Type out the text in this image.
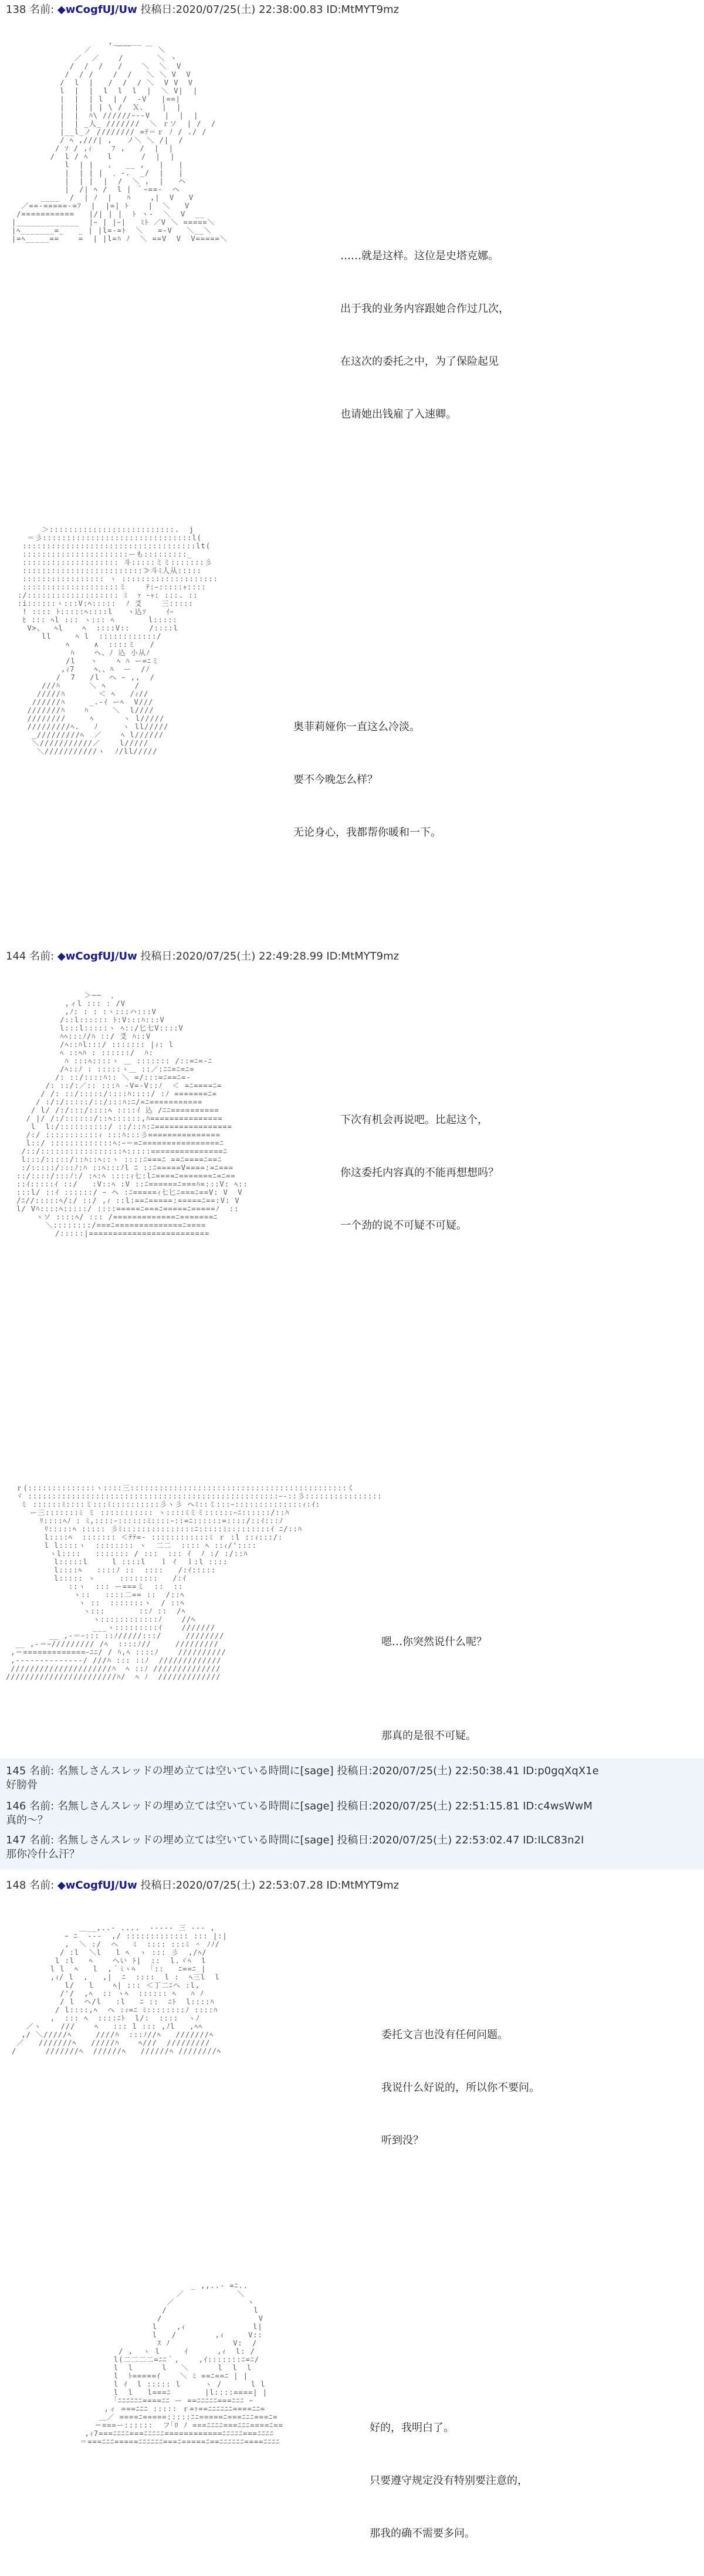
138 名前: ◆wCogfUJ/Uw 投稿日:2020/07/25(土) 22:38:00.83 ID:MtMYT9mz
,______
／     ￣￣   ￣ ＼
／  ／    /       ＼ ヽ
/  /  /   /    ＼  ＼  V
/  / /    /  /   ＼ ＼ V  V
/  l  |   /  /  / ＼  V V  V
l  |  |  l  l  l  |  ＼ V|  |
|  |  | l  | /  -V   |==|
|  |  | | \ /  Ｘ、   |  |
|  |  ﾊ\ //////ｰ--V   |  |  |
|  | _人_ ///////  ＼ ｒソ  | /  /
|__l_ノ //////// =ﾃ＝ｒ ﾉ / ./ /
/ ﾍ ,///| ,   ノ＼ ＼ /|  /
/ ｿ / ,ｨ    ﾌ ,   /  |  |
/  l / ﾍ    l      /  |  |
l  | |   、  __ ,   |   |
|  | | |  ．-.  _/  |   |
|  | |  |  /  ＼ ,  |   ヘ
|  /| ﾍ /  l | ｀ｰ==-  ヘ
____  /  | ﾉ  |   ﾊ    ,|  V   V
／==-=====-=ﾌ  |  |=| ﾄ    |  ＼   V
/===========   |/| | |  ﾄ ヽ-  ＼  V  __
|_____________  |ｰ | |ｰ|   ﾐﾄ ／V ＼ =====＼
|ﾍ_______=_   _ | |l=-=ﾄ  ＼   =-V   ＼__＼
|=ﾍ_____==    =  | |l=ﾊ ﾉ  ＼ ==V  V  V=====＼

……就是这样。这位是史塔克娜。

出于我的业务内容跟她合作过几次，

在这次的委托之中，为了保险起见

也请她出钱雇了入速卿。

＞::::::::::::::::::::::::::.  j
＝彡:::::::::::::::::::::::::::::::l(
::::::::::::::::::::::::::::::::::::lt(
::::::::::::::::::::::ーも:::::::::_
:::::::::::::::::::: 斗:::::ミミ:::::::彡
:::::::::::::::::::::::::≫斗ﾐ人从:::::
::::::::::::::::: ヽ ::::::::::::::::::::
::::::::::::::::::::ミ    ﾃ:ｰ:::::ｬ::::
:/::::::::::::::::::: ﾐ  ｧ ｰｬ: :::. ::
:i::::::ヽ:::V:ﾍ:::::  ﾉ 爻    三:::::
! :::: ﾄ:::::ﾍ::::l   ヽ込ｿ    ｲｰ
ﾋ ::: ﾍl ::: ヽ::: ﾍ       l:::::
V>、  ﾍl    ﾍ  ::::V::    /::::l
ll     ﾍ l  ::::::::::::/
ﾍ     ∧  ::::ミ   /
ﾊ    ヘ、ﾉ 込 小从ﾉ
/l   ヽ    ﾍ ﾊ ー=ﾆミ
,ｨ7    ﾍ、、ﾊ  ー  /ﾉ
/  7   /l  ヘ ｰ ,,  /
///ﾊ      ＼ ﾍ      /
/////ﾊ       ＜ ﾍ   /ｨ//
//////ﾊ     _.-ｲ ーﾍ  V///
///////ﾊ    ﾊ     ＼  l////
////////     ﾍ      ヽ l/////
/////////ﾍ.   ﾉ     ヽ ll/////
_/////////ﾍ  ／    ﾍ l//////
＼///////////／    l/////
＼///////////ヽ  ﾉ/ll/////

奥菲莉娅你一直这么冷淡。

要不今晚怎么样？

无论身心，我都帮你暖和一下。

144 名前: ◆wCogfUJ/Uw 投稿日:2020/07/25(土) 22:49:28.99 ID:MtMYT9mz
＞──  ，
,ィl ::: : /V
,ﾉ: : : :ヽ:::ハ:::V
/::l:::::: ﾄ:V:::ﾊ:::V
l:::l:::::ヽ ﾍ::/匕七V::::V
ﾊﾍ:::ﾉ/ﾊ ::/ 爻 ﾊ::V
/ﾍ::ﾊl:::/ ::::::: |ｨ: l
ﾍ ::ﾍﾊ : ::::::/  ﾊ:
ﾊ :::ﾍ::::ヽ ＿ ::::::: /::=ﾆ=-ﾆ
/ﾍ::ﾉ : :::::ヽ＿ ::／:ﾆﾆ=ﾆ=ﾆ=
/: ::/::::ﾊ:: ＼ =/:::=ﾆ==ﾆ=-
/: ::/:／:: :::ﾊ -V=-V::ﾉ  ＜ =ﾆ====ﾆ=
/ /: ::/:::::/::::ﾊ::::/ :ﾉ =======ﾆ=
/ :/:/:::::/::/:::ﾊ:ﾆ/=ﾆ===========
/ l/ /:/:::/::::ﾍ ::::ｲ 込 /ﾆﾆ==========
/ |/ /:/::::::/::ﾍ::::::,ﾊ===============
l  l:/::::::::::/ ::/::ﾊ:ﾆ================
/:/ :::::::::::ｨ :::ﾊ:::彡===============
l::/ :::::::::::::ﾍ:ｰ＝=ﾆ================ﾆ
/::/:::::::::::::::::ﾍ:::::===============ﾆ
l:::/:::::/::ﾊ::ﾍ::ヽ ::::ﾆ===ﾆ ==ﾆ====ﾆ==ﾆ
:/:::::/:::ﾉ:ﾊ ::ﾍ:::ﾉl ﾆ ::ﾆ=====V====:=ﾆ===
::/::::/:::ﾉ:/ :ﾍ:ﾍ ::::ｨ七:lﾆ====ﾆ=======ﾆ=ﾆ==
::ｲ:::::ｲ ::/   :V::ﾍ :V ::ﾆ======ﾆ===ﾊ=:::V: ﾍ::
:::l/ ::ｲ ::::::/ ｰ ヘ :ﾆ=====ｨ七匕ﾆ===ﾆ==V: V  V
/ﾆ//:::::ﾍ/:/ ::/ ,ｨ ::l:==ﾆ=====:=====ﾆ==:V: V
l/ Vﾊ::::ﾍ:::::/ ::::=====ﾆ===ﾆ=====ﾆ=====ﾉ  ::
ヽソ ::::ﾍ/ ::: /=============ﾆ=======ﾆ
＼::::::::/===ﾆ==============ﾆ====
/:::::|=========================

下次有机会再说吧。比起这个，

你这委托内容真的不能再想想吗？

一个劲的说不可疑不可疑。

ｒ(::::::::::::::ヽ::::三:::::::::::::::::::::::::::::::::::::::::::::く
ヾ ::::::::::::::::::::::::::::::::::::::::::::::::::::ｰ-::彡::::::::::::::::
ミ ::::::ﾐ::::ミ:::ﾐ::::::::::彡ヽ彡 ヘﾐ::ミ:::ｰ::::::::::::::ｨ:ｲ:
ー三:::::::ﾐ ミ ::::::::::: ヽ::::ﾐミミ::::::ｰﾆ::::::/::ﾊ
ﾘ::::ﾍﾉ : ﾐ,::::ｰ::::::ﾐ::::ｰ::=ﾆ::::::=::::/::ｲ:::ﾉ
ﾘ:::::ﾍ ::::: 彡ﾐ:::::::::::::::ﾆ:::::ﾐ:::::::::ｲ ﾆ/::ﾊ
l::::ﾍ  ::::::: ＜ﾃﾃ=- ::::::::::::ﾐ ｒ :l ::ｨ:::/:
l l::::ヽ  :::::::: ヽ  二二  :::: ﾍ ::ｨ/'::::
ヽl::::   ::::::: / :::  ::: ｲ  ﾉ :/ :/::ﾊ
l:::::l     l ::::l   ｌ ｲ  ｌ:l ::::
l::::ﾍ   ::::ﾉ ::  ::::   /:ｲ:::::
l::::: ヽ     ::::::::   /:ｲ
::ヽ  ::: ー===ミ  ::  ::
ヽ::   ::::二== ::  /::ﾍ
ヽ ::  :::::::ヽ  / ::ﾍ
ヽ:::       ::ﾉ ::  /ﾍ
ヽ::::::::::::ﾉ    //ﾍ
___ヽ:::::::::ｲ    ///////
__ ,-＝ｰ::: ::ﾉ/////:::/     ////////
__ ,-＝ｰ///////// /ﾍ  ::::ﾉ//     /////////
,＝=============ｰﾆﾆ/ / ﾊ,ﾍ ::::ﾉ    //////////
,--------------/ ///ﾊ ::: ::ﾉ  /////////////
/////////////////////ﾊ  ﾍ ::ﾉ //////////////
///////////////////////ﾊ/  ﾍ ﾉ  /////////////

嗯…你突然说什么呢？

那真的是很不可疑。

145 名前: 名無しさんスレッドの埋め立ては空いている時間に[sage] 投稿日:2020/07/25(土) 22:50:38.41 ID:p0gqXqX1e
好膀骨
146 名前: 名無しさんスレッドの埋め立ては空いている時間に[sage] 投稿日:2020/07/25(土) 22:51:15.81 ID:c4wsWwM
真的～？
147 名前: 名無しさんスレッドの埋め立ては空いている時間に[sage] 投稿日:2020/07/25(土) 22:53:02.47 ID:ILC83n2I
那你冷什么汗？
148 名前: ◆wCogfUJ/Uw 投稿日:2020/07/25(土) 22:53:07.28 ID:MtMYT9mz
＿__,..- ....  ----- 三 --- ,
ｰ ﾆ  ---  ,/ ::::::::::::: ::: |:|
,  ＼ :/  ヘ   ﾐ  :::: :::ﾐ ＾ ﾉﾉ/
/ :l  ＼l   l ﾍ  ヽ ::: 彡  ,/ﾍ/
l :l   ﾍ    ヘい ﾄ|  ::  l.ゞﾍ  l
l l  ﾍ   l  ,｀ﾐヽﾍ   ｢::   ﾆ==ﾆ |
,ｨ/ l  ,   ,|  ﾆ  ::::  l :  ﾍ三l  l
l/   l    ﾍ| ::: ＜丁二ﾆヘ :l,
/'/  ,ﾍ  :: ヽﾍ  :::::: ﾍ   ﾊ ﾉ
/ l  ヘ/l   :l   ﾆ ::  ﾆﾄ  l::::ﾊ
/ l::::,ﾍ  ヘ :ｨ=ﾆ ﾐ::::::::ﾉ ::::ﾊ
,  ::: ﾍ  ::::ﾆﾄ  l/:  ::::  ヽﾉ
／ヽ    ///    ﾍ   ::: l ::: ,ﾉl   ,ﾍﾍ
,/ ＼/////ﾍ     ////ﾊ  :::ﾉ//ﾍ   ///////ﾍ
／   ///////ﾍ   /////ﾊ    ﾍ///  /////////
/      ///////ﾍ  //////ﾍ   //////ﾍ ////////ﾍ

委托文言也没有任何问题。

我说什么好说的，所以你不要问。

听到没？

_ ,,..- =ﾆ..
／           ＼
／               ヽ
/                  l
/                    V
l    ,ｨ              l|
l   /        ,ｨ     V::
ｽ ﾉ             V:  /
/ ,  ヽ l     ｲ      ,ｨ  l: /
l(二二二二=ﾆﾆ｀,    ,ｲ:::::::ﾆ=ﾆ/
l  l      l   ＼      l  l  l
l  ﾄ=====ｲ    ＼ ﾐ ==ﾆ==ﾆ | |
l ｲ  l ::::: l     ヽ /      l l
l  l   l===ﾆ       |l::::====| |
｢ﾆﾆﾆﾆﾆﾆ====ﾆﾆ ー ==ﾆﾆﾆﾆﾆ===ﾆﾆﾆ ｰ
,ィ ===ﾆﾆﾆ ::::: ｒ=ｧ==ﾆﾆﾆﾆﾆﾆ====ﾆﾆ=
＿／ ====ﾆ=====:::::ﾆﾆ=====ﾆ===ﾆﾆﾆ===ﾆ=
＝===ー::::::  フ｢ﾛ ﾉ ===ﾆﾆﾆﾆ===ﾆﾆﾆ====ﾆ==
,ｨ7===ﾆﾆﾆﾆ===ﾆﾆﾆﾆﾆ============ﾆﾆﾆﾆﾆ===ﾆﾆﾆﾆ
＝===ﾆﾆﾆ=====ﾆﾆﾆﾆﾆﾆ===ﾆ=====ﾆ==ﾆﾆﾆﾆﾆﾆ====ﾆﾆﾆﾆ

好的，我明白了。

只要遵守规定没有特别要注意的，

那我的确不需要多问。
